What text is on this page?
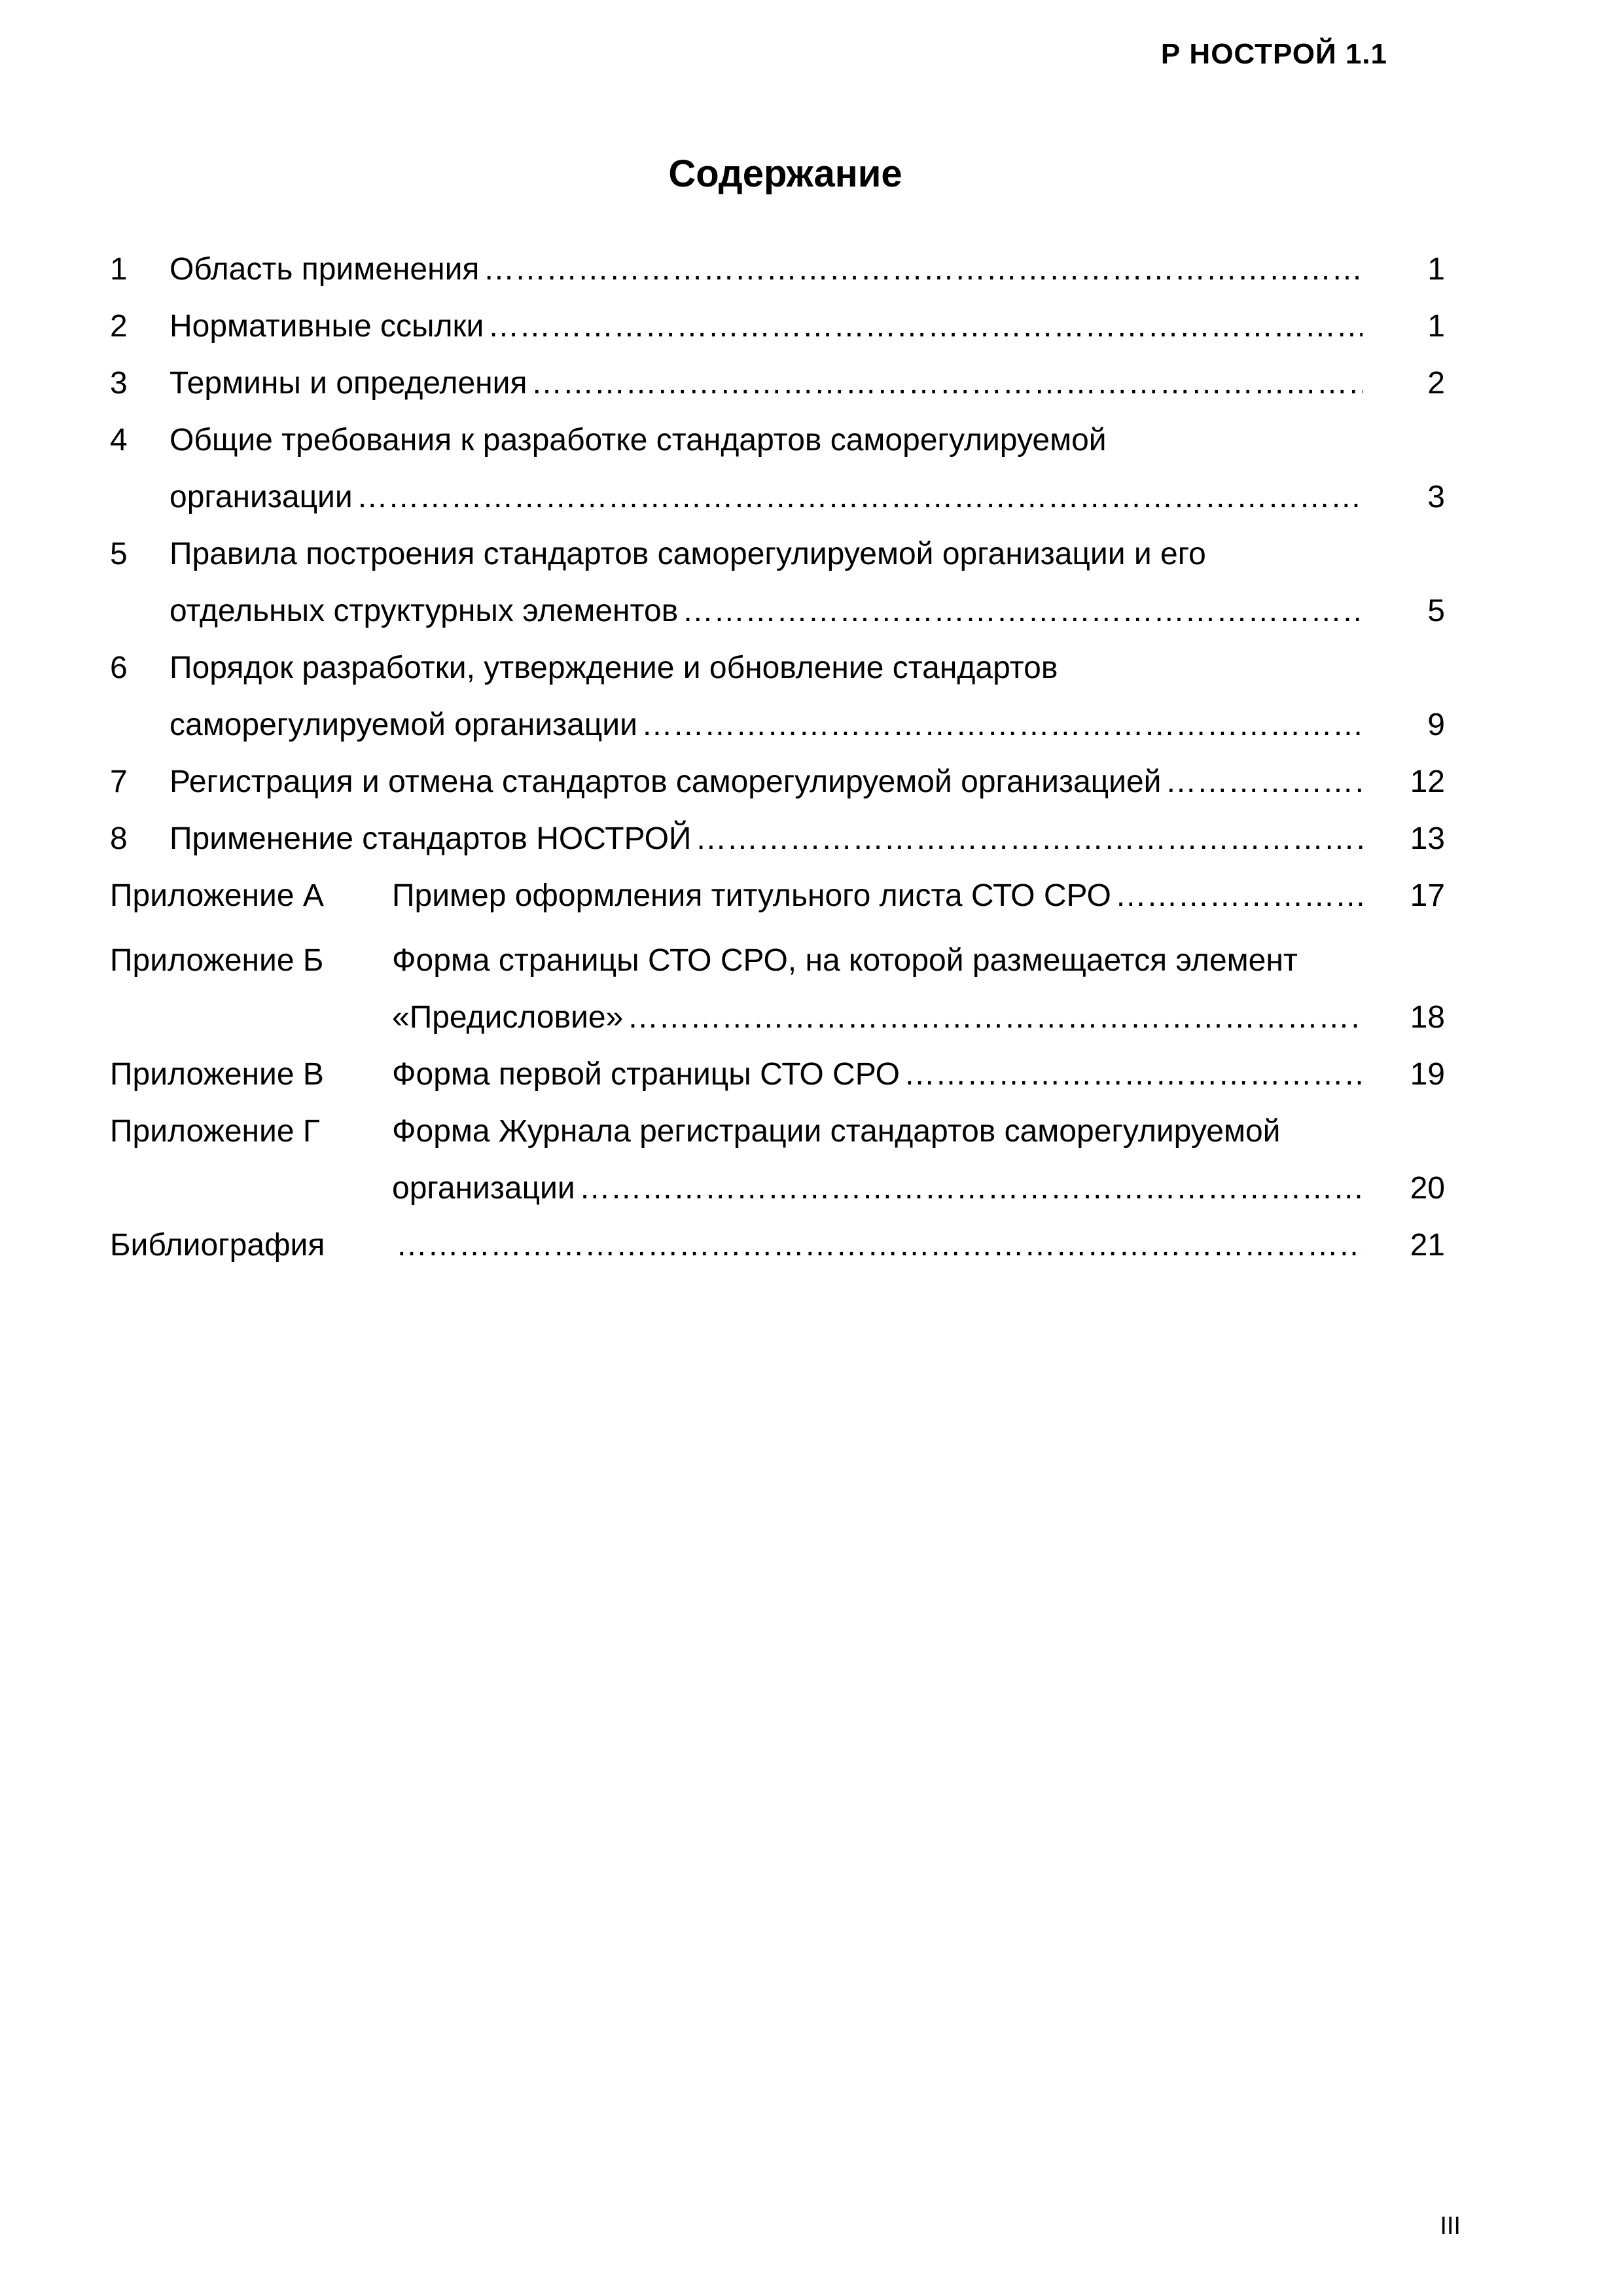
Р НОСТРОЙ 1.1
Содержание
1 Область применения ……………………………………………………………………………………………………………………………………………………………………………………………………	1
2 Нормативные ссылки ……………………………………………………………………………………………………………………………………………………………………………………………………	1
3 Термины и определения ……………………………………………………………………………………………………………………………………………………………………………………………………	2
4 Общие требования к разработке стандартов саморегулируемой
организации ……………………………………………………………………………………………………………………………………………………………………………………………………	3
5 Правила построения стандартов саморегулируемой организации и его
отдельных структурных элементов ……………………………………………………………………………………………………………………………………………………………………………………………………	5
6 Порядок разработки, утверждение и обновление стандартов
саморегулируемой организации ……………………………………………………………………………………………………………………………………………………………………………………………………	9
7 Регистрация и отмена стандартов саморегулируемой организацией ……………………………………………………………………………………………………………………………………………………………………………………………………	12
8 Применение стандартов НОСТРОЙ ……………………………………………………………………………………………………………………………………………………………………………………………………	13
Приложение А Пример оформления титульного листа СТО СРО ……………………………………………………………………………………………………………………………………………………………………………………………………	17
Приложение Б Форма страницы СТО СРО, на которой размещается элемент
«Предисловие» ……………………………………………………………………………………………………………………………………………………………………………………………………	18
Приложение В Форма первой страницы СТО СРО ……………………………………………………………………………………………………………………………………………………………………………………………………	19
Приложение Г Форма Журнала регистрации стандартов саморегулируемой
организации ……………………………………………………………………………………………………………………………………………………………………………………………………	20
Библиография ……………………………………………………………………………………………………………………………………………………………………………………………………	21
III
